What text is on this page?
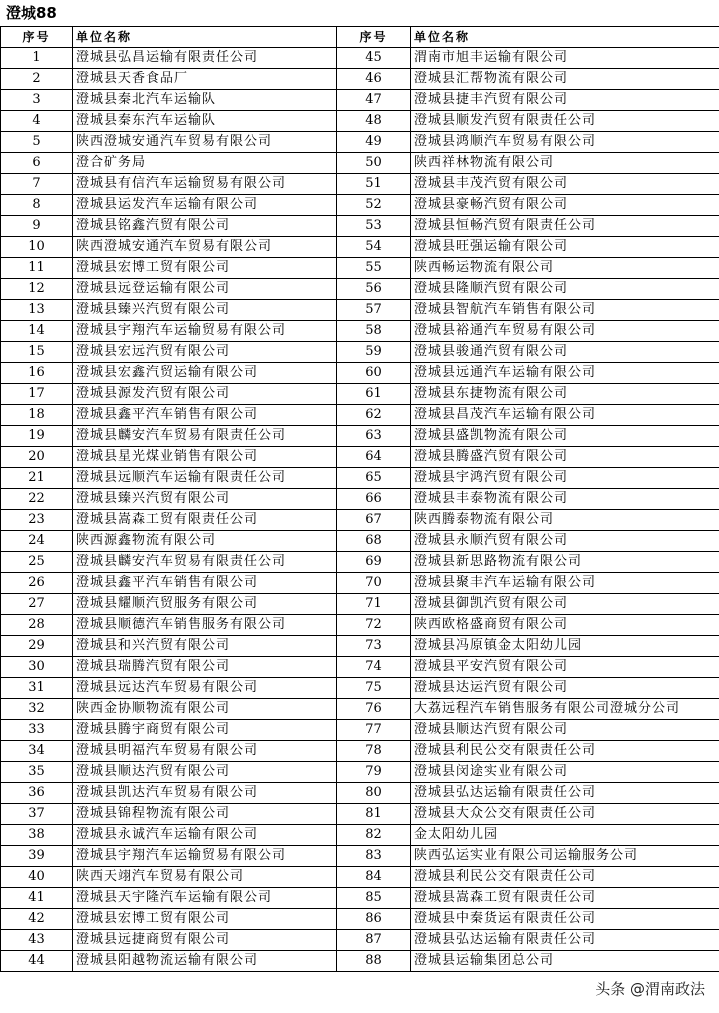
澄城88
序号	单位名称	序号	单位名称
1	澄城县弘昌运输有限责任公司	45	渭南市旭丰运输有限公司
2	澄城县天香食品厂	46	澄城县汇帮物流有限公司
3	澄城县秦北汽车运输队	47	澄城县捷丰汽贸有限公司
4	澄城县秦东汽车运输队	48	澄城县顺发汽贸有限责任公司
5	陕西澄城安通汽车贸易有限公司	49	澄城县鸿顺汽车贸易有限公司
6	澄合矿务局	50	陕西祥林物流有限公司
7	澄城县有信汽车运输贸易有限公司	51	澄城县丰茂汽贸有限公司
8	澄城县运发汽车运输有限公司	52	澄城县豪畅汽贸有限公司
9	澄城县铭鑫汽贸有限公司	53	澄城县恒畅汽贸有限责任公司
10	陕西澄城安通汽车贸易有限公司	54	澄城县旺强运输有限公司
11	澄城县宏博工贸有限公司	55	陕西畅运物流有限公司
12	澄城县远登运输有限公司	56	澄城县隆顺汽贸有限公司
13	澄城县臻兴汽贸有限公司	57	澄城县智航汽车销售有限公司
14	澄城县宇翔汽车运输贸易有限公司	58	澄城县裕通汽车贸易有限公司
15	澄城县宏远汽贸有限公司	59	澄城县骏通汽贸有限公司
16	澄城县宏鑫汽贸运输有限公司	60	澄城县远通汽车运输有限公司
17	澄城县源发汽贸有限公司	61	澄城县东捷物流有限公司
18	澄城县鑫平汽车销售有限公司	62	澄城县昌茂汽车运输有限公司
19	澄城县麟安汽车贸易有限责任公司	63	澄城县盛凯物流有限公司
20	澄城县星光煤业销售有限公司	64	澄城县腾盛汽贸有限公司
21	澄城县远顺汽车运输有限责任公司	65	澄城县宇鸿汽贸有限公司
22	澄城县臻兴汽贸有限公司	66	澄城县丰泰物流有限公司
23	澄城县嵩森工贸有限责任公司	67	陕西腾泰物流有限公司
24	陕西源鑫物流有限公司	68	澄城县永顺汽贸有限公司
25	澄城县麟安汽车贸易有限责任公司	69	澄城县新思路物流有限公司
26	澄城县鑫平汽车销售有限公司	70	澄城县聚丰汽车运输有限公司
27	澄城县耀顺汽贸服务有限公司	71	澄城县御凯汽贸有限公司
28	澄城县顺德汽车销售服务有限公司	72	陕西欧格盛商贸有限公司
29	澄城县和兴汽贸有限公司	73	澄城县冯原镇金太阳幼儿园
30	澄城县瑞腾汽贸有限公司	74	澄城县平安汽贸有限公司
31	澄城县远达汽车贸易有限公司	75	澄城县达运汽贸有限公司
32	陕西金协顺物流有限公司	76	大荔远程汽车销售服务有限公司澄城分公司
33	澄城县腾宇商贸有限公司	77	澄城县顺达汽贸有限公司
34	澄城县明福汽车贸易有限公司	78	澄城县利民公交有限责任公司
35	澄城县顺达汽贸有限公司	79	澄城县闵途实业有限公司
36	澄城县凯达汽车贸易有限公司	80	澄城县弘达运输有限责任公司
37	澄城县锦程物流有限公司	81	澄城县大众公交有限责任公司
38	澄城县永诚汽车运输有限公司	82	金太阳幼儿园
39	澄城县宇翔汽车运输贸易有限公司	83	陕西弘运实业有限公司运输服务公司
40	陕西天翊汽车贸易有限公司	84	澄城县利民公交有限责任公司
41	澄城县天宇隆汽车运输有限公司	85	澄城县嵩森工贸有限责任公司
42	澄城县宏博工贸有限公司	86	澄城县中秦货运有限责任公司
43	澄城县远捷商贸有限公司	87	澄城县弘达运输有限责任公司
44	澄城县阳越物流运输有限公司	88	澄城县运输集团总公司
头条 @渭南政法
